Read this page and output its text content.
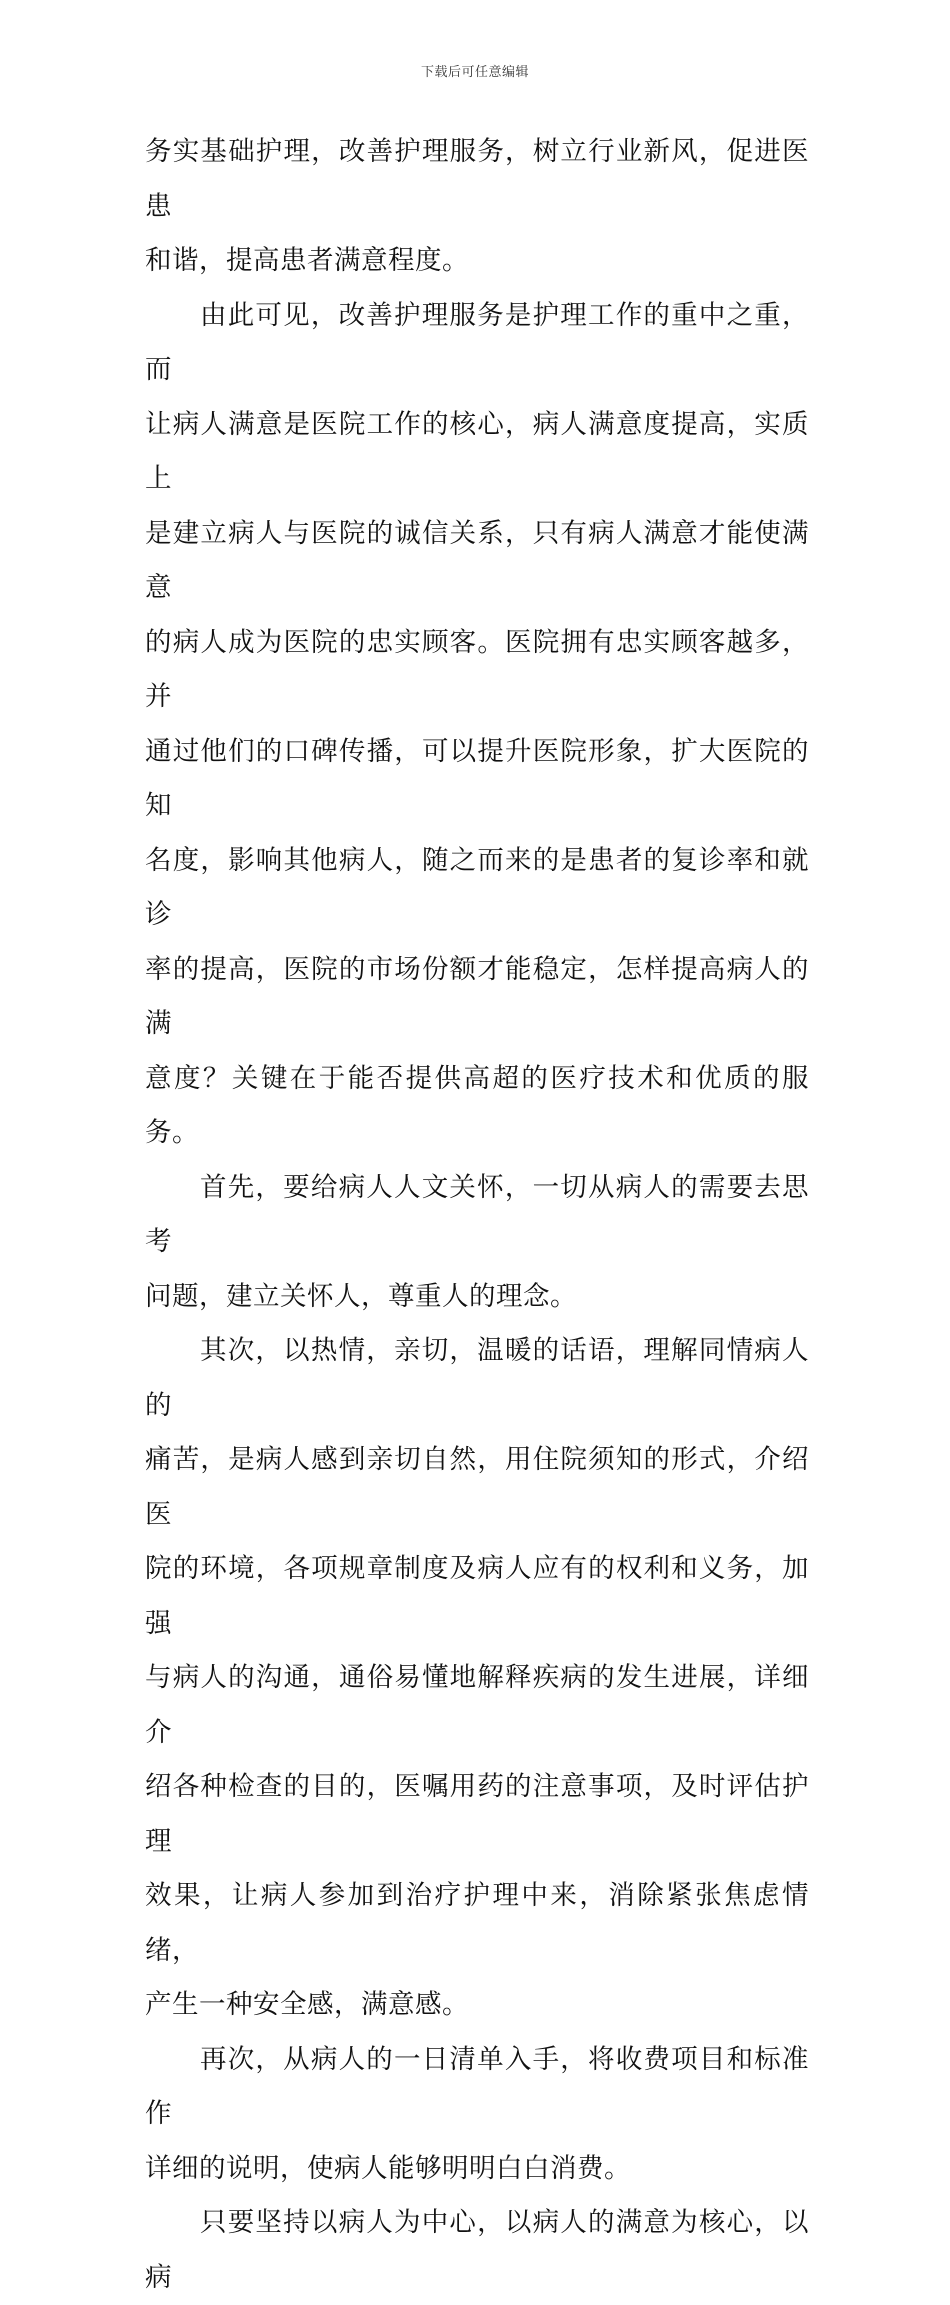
下载后可任意编辑

务实基础护理，改善护理服务，树立行业新风，促进医患
和谐，提高患者满意程度。

由此可见，改善护理服务是护理工作的重中之重，而
让病人满意是医院工作的核心，病人满意度提高，实质上
是建立病人与医院的诚信关系，只有病人满意才能使满意
的病人成为医院的忠实顾客。医院拥有忠实顾客越多，并
通过他们的口碑传播，可以提升医院形象，扩大医院的知
名度，影响其他病人，随之而来的是患者的复诊率和就诊
率的提高，医院的市场份额才能稳定，怎样提高病人的满
意度？关键在于能否提供高超的医疗技术和优质的服务。

首先，要给病人人文关怀，一切从病人的需要去思考
问题，建立关怀人，尊重人的理念。

其次，以热情，亲切，温暖的话语，理解同情病人的
痛苦，是病人感到亲切自然，用住院须知的形式，介绍医
院的环境，各项规章制度及病人应有的权利和义务，加强
与病人的沟通，通俗易懂地解释疾病的发生进展，详细介
绍各种检查的目的，医嘱用药的注意事项，及时评估护理
效果，让病人参加到治疗护理中来，消除紧张焦虑情绪，
产生一种安全感，满意感。

再次，从病人的一日清单入手，将收费项目和标准作
详细的说明，使病人能够明明白白消费。

只要坚持以病人为中心，以病人的满意为核心，以病
